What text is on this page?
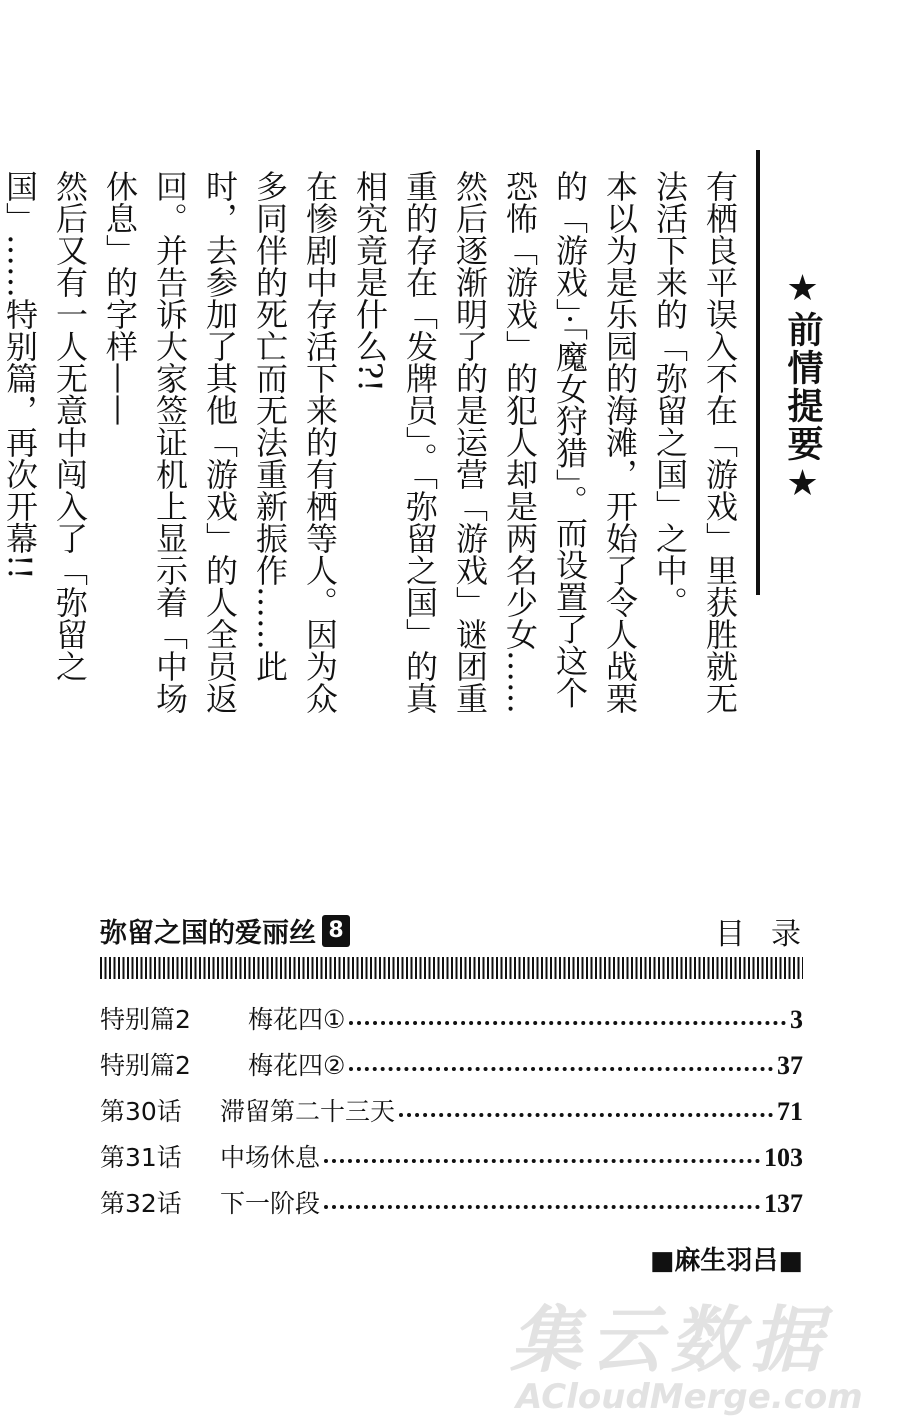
★前情提要★

有栖良平误入不在「游戏」里获胜就无法活下来的「弥留之国」之中。

本以为是乐园的海滩，开始了令人战栗的「游戏」·「魔女狩猎」。而设置了这个恐怖「游戏」的犯人却是两名少女……

然后逐渐明了的是运营「游戏」谜团重重的存在「发牌员」。「弥留之国」的真相究竟是什么?!

在惨剧中存活下来的有栖等人。因为众多同伴的死亡而无法重新振作……此时，去参加了其他「游戏」的人全员返回。并告诉大家签证机上显示着「中场休息」的字样——

然后又有一人无意中闯入了「弥留之国」……特别篇，再次开幕!!

弥留之国的爱丽丝 8	目录
特别篇2	梅花四①	3
特别篇2	梅花四②	37
第30话	滞留第二十三天	71
第31话	中场休息	103
第32话	下一阶段	137
■麻生羽吕■
集云数据
ACloudMerge.com
